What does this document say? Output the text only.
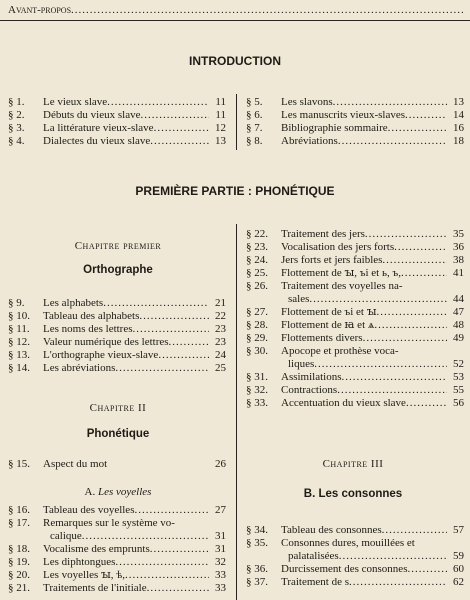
Avant-propos
.....
INTRODUCTION
§ 1.	Le vieux slave .....	11
§ 2.	Débuts du vieux slave .....	11
§ 3.	La littérature vieux-slave .....	12
§ 4.	Dialectes du vieux slave .....	13
§ 5.	Les slavons .....	13
§ 6.	Les manuscrits vieux-slaves .....	14
§ 7.	Bibliographie sommaire .....	16
§ 8.	Abréviations .....	18
PREMIÈRE PARTIE : PHONÉTIQUE
Chapitre premier
Orthographe
§ 9.	Les alphabets .....	21
§ 10.	Tableau des alphabets .....	22
§ 11.	Les noms des lettres .....	23
§ 12.	Valeur numérique des lettres .....	23
§ 13.	L'orthographe vieux-slave .....	24
§ 14.	Les abréviations .....	25
Chapitre II
Phonétique
§ 15.	Aspect du mot	26
A. Les voyelles
§ 16.	Tableau des voyelles .....	27
§ 17.	Remarques sur le système vo-
calique .....	31
§ 18.	Vocalisme des emprunts .....	31
§ 19.	Les diphtongues .....	32
§ 20.	Les voyelles ꙑ, ѣ, .....	33
§ 21.	Traitements de l'initiale .....	33
§ 22.	Traitement des jers .....	35
§ 23.	Vocalisation des jers forts .....	36
§ 24.	Jers forts et jers faibles .....	38
§ 25.	Flottement de ꙑ, ъі et ь, ъ, .....	41
§ 26.	Traitement des voyelles na-
sales .....	44
§ 27.	Flottement de ъі et ꙑ .....	47
§ 28.	Flottement de ꙗ et ѧ .....	48
§ 29.	Flottements divers .....	49
§ 30.	Apocope et prothèse voca-
liques .....	52
§ 31.	Assimilations .....	53
§ 32.	Contractions .....	55
§ 33.	Accentuation du vieux slave .....	56
Chapitre III
B. Les consonnes
§ 34.	Tableau des consonnes .....	57
§ 35.	Consonnes dures, mouillées et
palatalisées .....	59
§ 36.	Durcissement des consonnes .....	60
§ 37.	Traitement de ѕ .....	62
